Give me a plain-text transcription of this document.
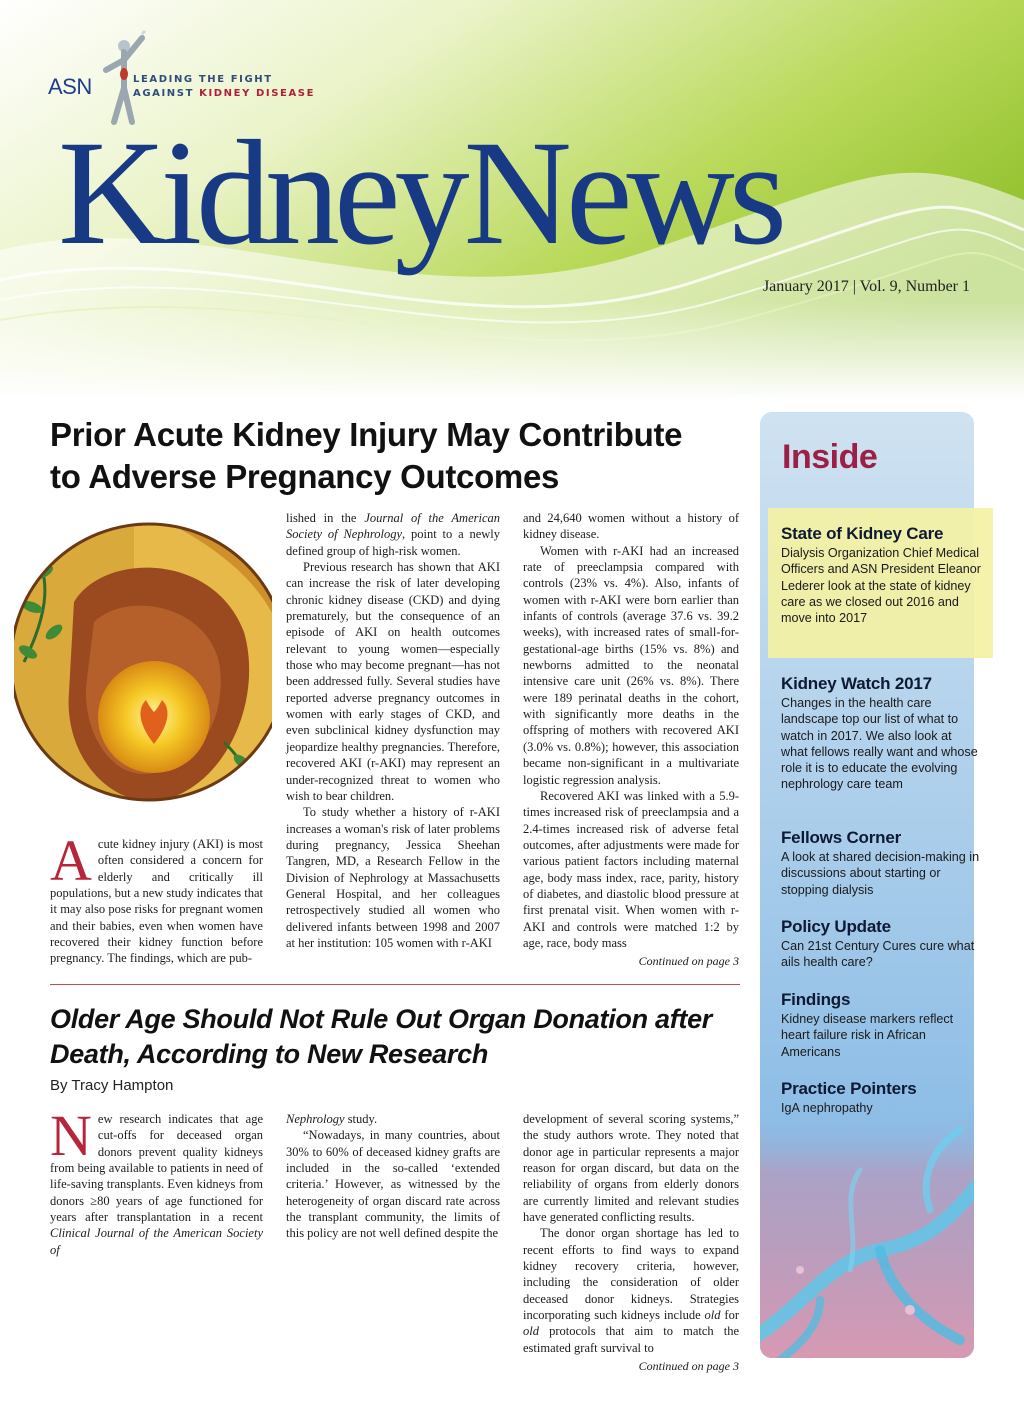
ASN	LEADING THE FIGHT
AGAINST KIDNEY DISEASE
KidneyNews
January 2017 | Vol. 9, Number 1
Prior Acute Kidney Injury May Contribute
to Adverse Pregnancy Outcomes

Acute kidney injury (AKI) is most often considered a concern for elderly and critically ill populations, but a new study indicates that it may also pose risks for pregnant women and their babies, even when women have recovered their kidney function before pregnancy. The findings, which are pub-

lished in the Journal of the American Society of Nephrology, point to a newly defined group of high-risk women.

Previous research has shown that AKI can increase the risk of later developing chronic kidney disease (CKD) and dying prematurely, but the consequence of an episode of AKI on health outcomes relevant to young women—especially those who may become pregnant—has not been addressed fully. Several studies have reported adverse pregnancy outcomes in women with early stages of CKD, and even subclinical kidney dysfunction may jeopardize healthy pregnancies. Therefore, recovered AKI (r-AKI) may represent an under-recognized threat to women who wish to bear children.

To study whether a history of r-AKI increases a woman's risk of later problems during pregnancy, Jessica Sheehan Tangren, MD, a Research Fellow in the Division of Nephrology at Massachusetts General Hospital, and her colleagues retrospectively studied all women who delivered infants between 1998 and 2007 at her institution: 105 women with r-AKI

and 24,640 women without a history of kidney disease.

Women with r-AKI had an increased rate of preeclampsia compared with controls (23% vs. 4%). Also, infants of women with r-AKI were born earlier than infants of controls (average 37.6 vs. 39.2 weeks), with increased rates of small-for-gestational-age births (15% vs. 8%) and newborns admitted to the neonatal intensive care unit (26% vs. 8%). There were 189 perinatal deaths in the cohort, with significantly more deaths in the offspring of mothers with recovered AKI (3.0% vs. 0.8%); however, this association became non-significant in a multivariate logistic regression analysis.

Recovered AKI was linked with a 5.9-times increased risk of preeclampsia and a 2.4-times increased risk of adverse fetal outcomes, after adjustments were made for various patient factors including maternal age, body mass index, race, parity, history of diabetes, and diastolic blood pressure at first prenatal visit. When women with r-AKI and controls were matched 1:2 by age, race, body mass

Continued on page 3

Older Age Should Not Rule Out Organ Donation after
Death, According to New Research
By Tracy Hampton

New research indicates that age cut-offs for deceased organ donors prevent quality kidneys from being available to patients in need of life-saving transplants. Even kidneys from donors ≥80 years of age functioned for years after transplantation in a recent Clinical Journal of the American Society of

Nephrology study.

“Nowadays, in many countries, about 30% to 60% of deceased kidney grafts are included in the so-called ‘extended criteria.’ However, as witnessed by the heterogeneity of organ discard rate across the transplant community, the limits of this policy are not well defined despite the

development of several scoring systems,” the study authors wrote. They noted that donor age in particular represents a major reason for organ discard, but data on the reliability of organs from elderly donors are currently limited and relevant studies have generated conflicting results.

The donor organ shortage has led to recent efforts to find ways to expand kidney recovery criteria, however, including the consideration of older deceased donor kidneys. Strategies incorporating such kidneys include old for old protocols that aim to match the estimated graft survival to

Continued on page 3

Inside
State of Kidney Care

Dialysis Organization Chief Medical Officers and ASN President Eleanor Lederer look at the state of kidney care as we closed out 2016 and move into 2017

Kidney Watch 2017

Changes in the health care landscape top our list of what to watch in 2017. We also look at what fellows really want and whose role it is to educate the evolving nephrology care team

Fellows Corner

A look at shared decision-making in discussions about starting or stopping dialysis

Policy Update

Can 21st Century Cures cure what ails health care?

Findings

Kidney disease markers reflect heart failure risk in African Americans

Practice Pointers

IgA nephropathy
